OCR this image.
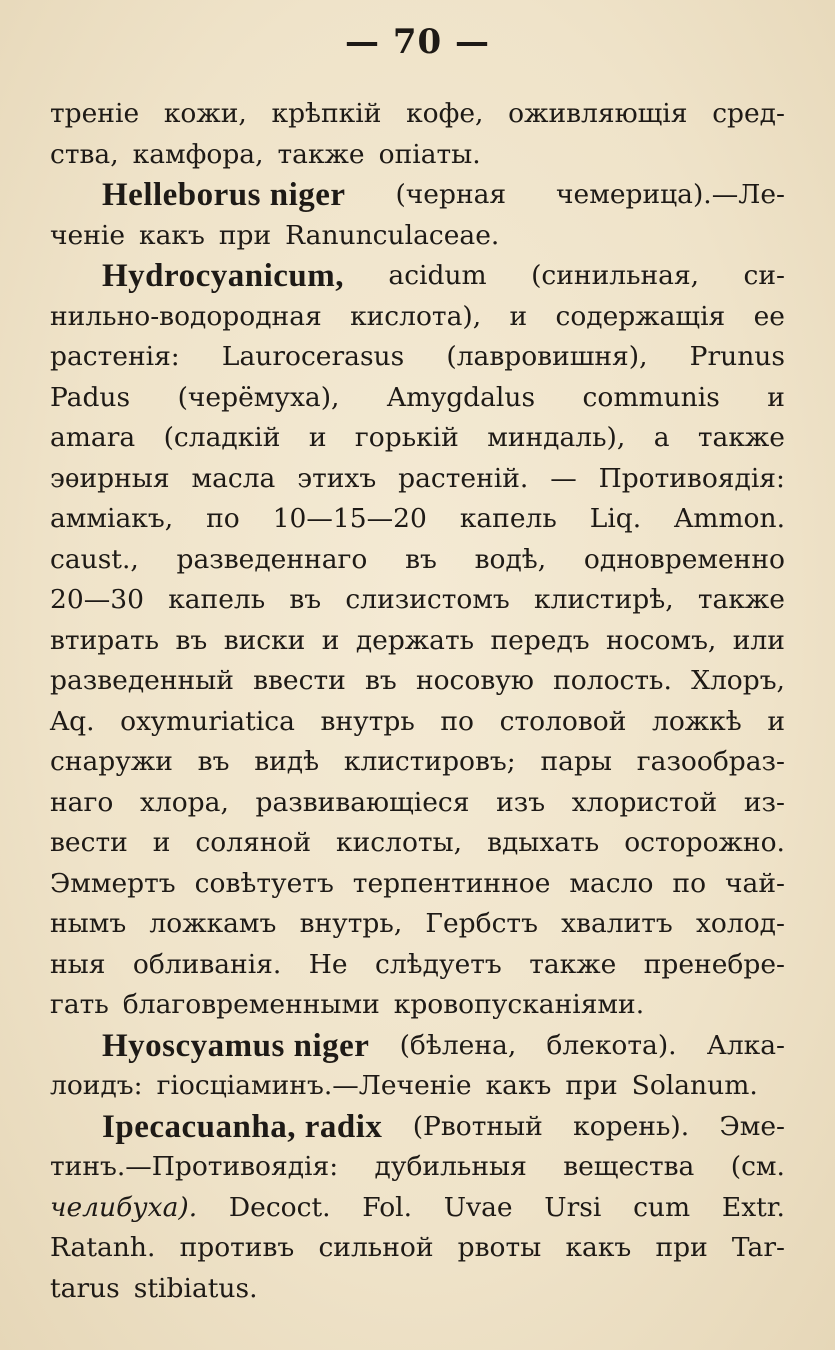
— 70 —
треніе кожи, крѣпкій кофе, оживляющія сред-
ства, камфора, также опіаты.
Helleborus niger (черная чемерица).—Ле-
ченіе какъ при Ranunculaceae.
Hydrocyanicum, acidum (синильная, си-
нильно-водородная кислота), и содержащія ее
растенія: Laurocerasus (лавровишня), Prunus
Padus (черёмуха), Amygdalus communis и
amara (сладкій и горькій миндаль), а также
эѳирныя масла этихъ растеній. — Противоядія:
амміакъ, по 10—15—20 капель Liq. Ammon.
caust., разведеннаго въ водѣ, одновременно
20—30 капель въ слизистомъ клистирѣ, также
втирать въ виски и держать передъ носомъ, или
разведенный ввести въ носовую полость. Хлоръ,
Aq. oxymuriatica внутрь по столовой ложкѣ и
снаружи въ видѣ клистировъ; пары газообраз-
наго хлора, развивающіеся изъ хлористой из-
вести и соляной кислоты, вдыхать осторожно.
Эммертъ совѣтуетъ терпентинное масло по чай-
нымъ ложкамъ внутрь, Гербстъ хвалитъ холод-
ныя обливанія. Не слѣдуетъ также пренебре-
гать благовременными кровопусканіями.
Hyoscyamus niger (бѣлена, блекота). Алка-
лоидъ: гіосціаминъ.—Леченіе какъ при Solanum.
Ipecacuanha, radix (Рвотный корень). Эме-
тинъ.—Противоядія: дубильныя вещества (см.
челибуха). Decoct. Fol. Uvae Ursi cum Extr.
Ratanh. противъ сильной рвоты какъ при Tar-
tarus stibiatus.
